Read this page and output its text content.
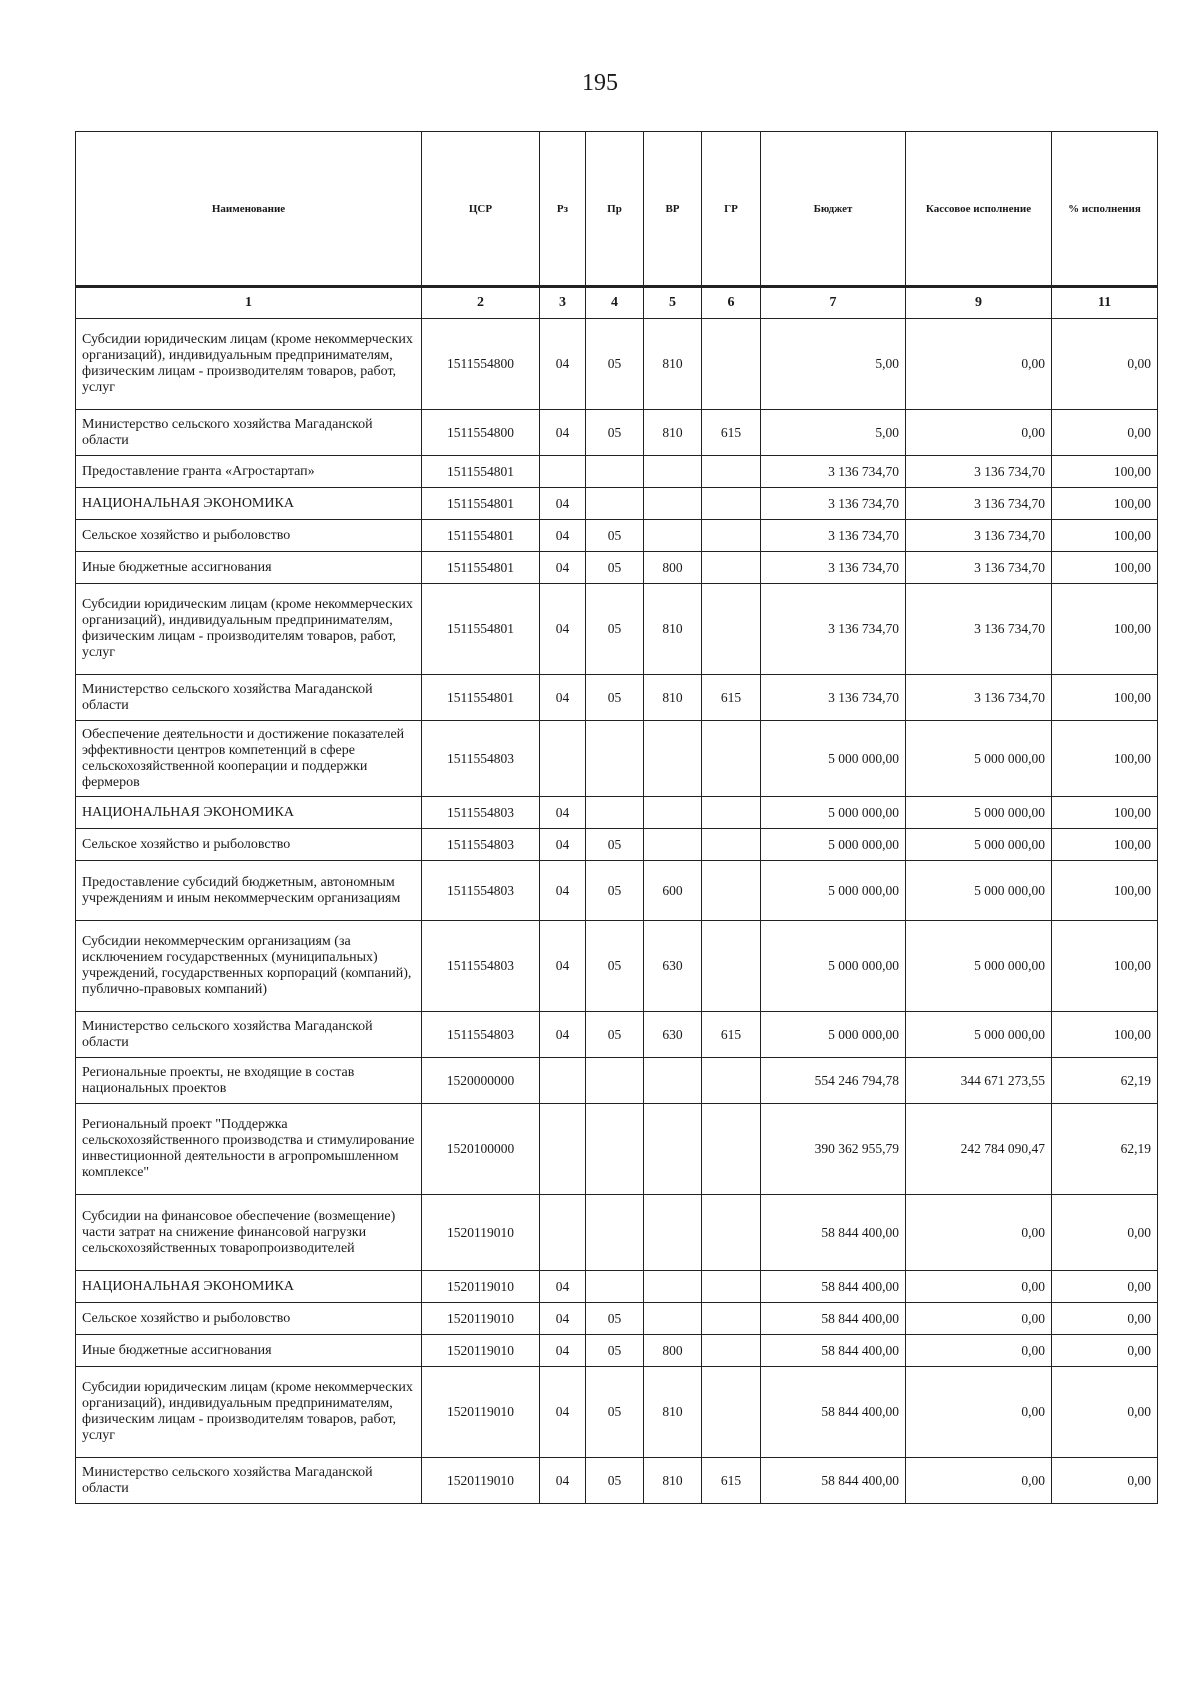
195
Наименование	ЦСР	Рз	Пр	ВР	ГР	Бюджет	Кассовое исполнение	% исполнения
1	2	3	4	5	6	7	9	11
Субсидии юридическим лицам (кроме некоммерческих организаций), индивидуальным предпринимателям, физическим лицам - производителям товаров, работ, услуг	1511554800	04	05	810		5,00	0,00	0,00
Министерство сельского хозяйства Магаданской области	1511554800	04	05	810	615	5,00	0,00	0,00
Предоставление гранта «Агростартап»	1511554801					3 136 734,70	3 136 734,70	100,00
НАЦИОНАЛЬНАЯ ЭКОНОМИКА	1511554801	04				3 136 734,70	3 136 734,70	100,00
Сельское хозяйство и рыболовство	1511554801	04	05			3 136 734,70	3 136 734,70	100,00
Иные бюджетные ассигнования	1511554801	04	05	800		3 136 734,70	3 136 734,70	100,00
Субсидии юридическим лицам (кроме некоммерческих организаций), индивидуальным предпринимателям, физическим лицам - производителям товаров, работ, услуг	1511554801	04	05	810		3 136 734,70	3 136 734,70	100,00
Министерство сельского хозяйства Магаданской области	1511554801	04	05	810	615	3 136 734,70	3 136 734,70	100,00
Обеспечение деятельности и достижение показателей эффективности центров компетенций в сфере сельскохозяйственной кооперации и поддержки фермеров	1511554803					5 000 000,00	5 000 000,00	100,00
НАЦИОНАЛЬНАЯ ЭКОНОМИКА	1511554803	04				5 000 000,00	5 000 000,00	100,00
Сельское хозяйство и рыболовство	1511554803	04	05			5 000 000,00	5 000 000,00	100,00
Предоставление субсидий бюджетным, автономным учреждениям и иным некоммерческим организациям	1511554803	04	05	600		5 000 000,00	5 000 000,00	100,00
Субсидии некоммерческим организациям (за исключением государственных (муниципальных) учреждений, государственных корпораций (компаний), публично-правовых компаний)	1511554803	04	05	630		5 000 000,00	5 000 000,00	100,00
Министерство сельского хозяйства Магаданской области	1511554803	04	05	630	615	5 000 000,00	5 000 000,00	100,00
Региональные проекты, не входящие в состав национальных проектов	1520000000					554 246 794,78	344 671 273,55	62,19
Региональный проект "Поддержка сельскохозяйственного производства и стимулирование инвестиционной деятельности в агропромышленном комплексе"	1520100000					390 362 955,79	242 784 090,47	62,19
Субсидии на финансовое обеспечение (возмещение) части затрат на снижение финансовой нагрузки сельскохозяйственных товаропроизводителей	1520119010					58 844 400,00	0,00	0,00
НАЦИОНАЛЬНАЯ ЭКОНОМИКА	1520119010	04				58 844 400,00	0,00	0,00
Сельское хозяйство и рыболовство	1520119010	04	05			58 844 400,00	0,00	0,00
Иные бюджетные ассигнования	1520119010	04	05	800		58 844 400,00	0,00	0,00
Субсидии юридическим лицам (кроме некоммерческих организаций), индивидуальным предпринимателям, физическим лицам - производителям товаров, работ, услуг	1520119010	04	05	810		58 844 400,00	0,00	0,00
Министерство сельского хозяйства Магаданской области	1520119010	04	05	810	615	58 844 400,00	0,00	0,00
